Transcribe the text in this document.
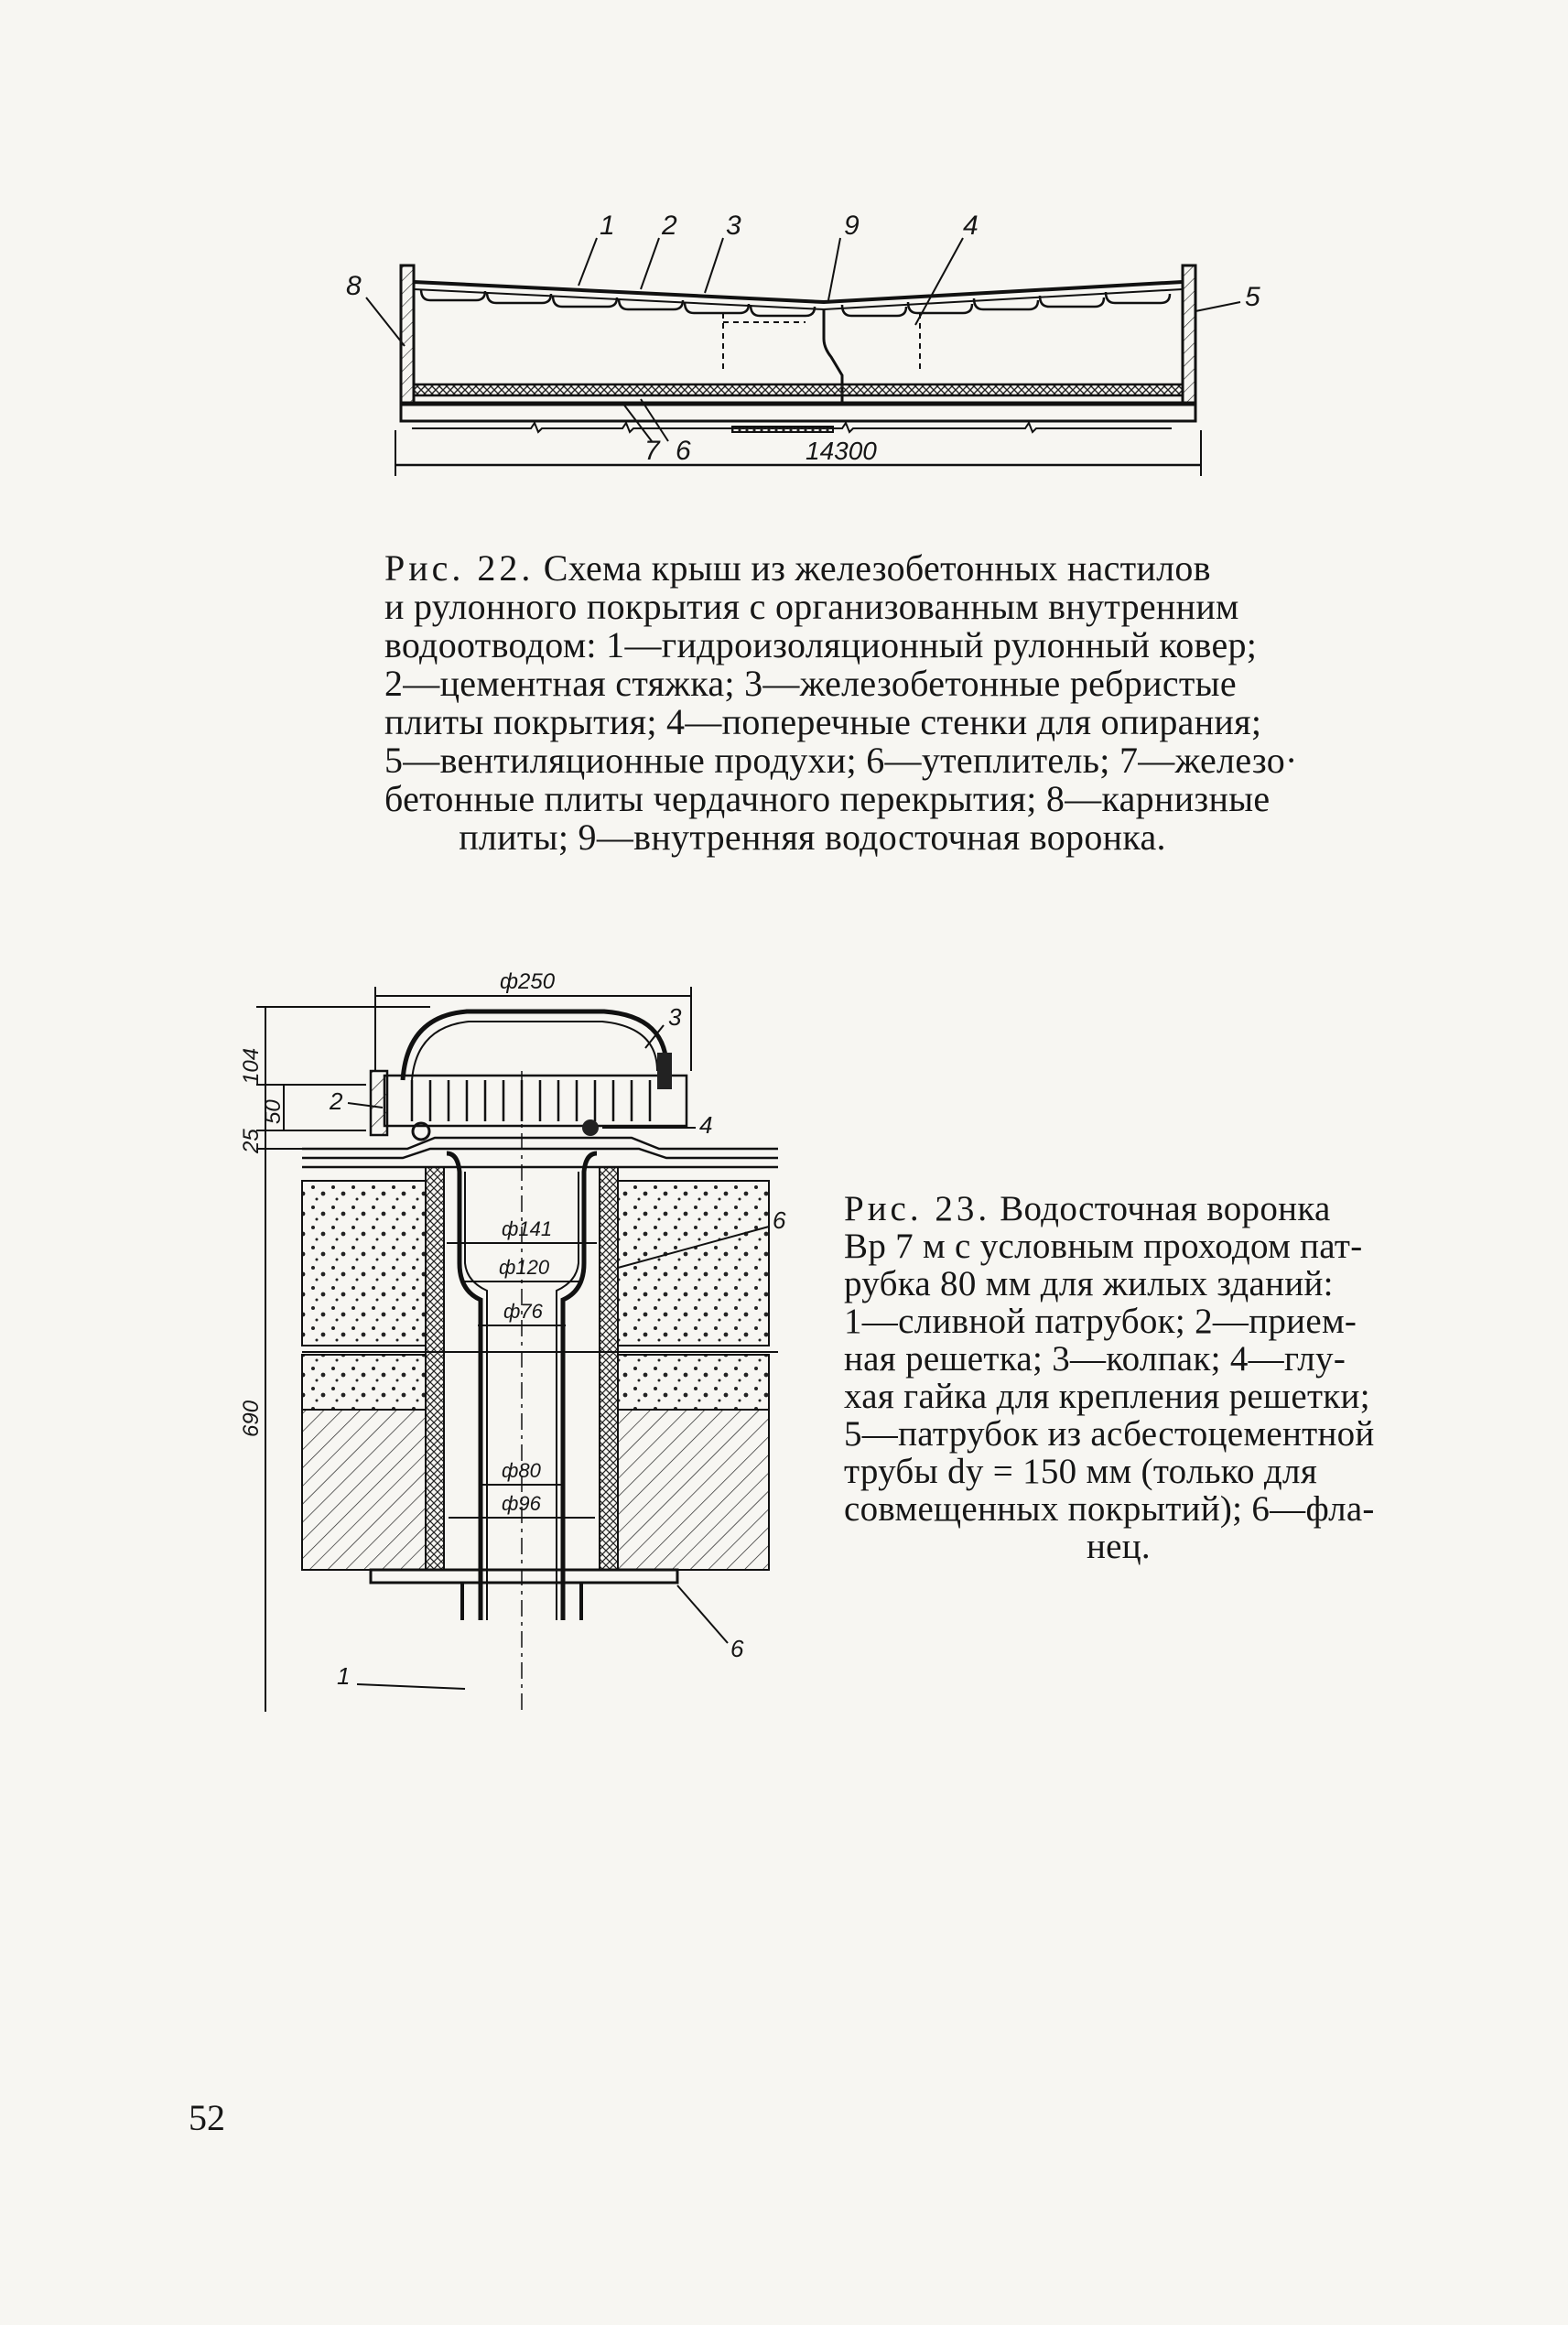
1 2 3	9	4
8	5
7 6	14300
Рис. 22. Схема крыш из железобетонных настилов
и рулонного покрытия с организованным внутренним
водоотводом: 1—гидроизоляционный рулонный ковер;
2—цементная стяжка; 3—железобетонные ребристые
плиты покрытия; 4—поперечные стенки для опирания;
5—вентиляционные продухи; 6—утеплитель; 7—железо·
бетонные плиты чердачного перекрытия; 8—карнизные
плиты; 9—внутренняя водосточная воронка.
104
50
25
690
ф250
ф141
ф120
ф76
ф80
ф96
2
3
4
6
6
1
Рис. 23. Водосточная воронка
Вр 7 м с условным проходом пат-
рубка 80 мм для жилых зданий:
1—сливной патрубок; 2—прием-
ная решетка; 3—колпак; 4—глу-
хая гайка для крепления решетки;
5—патрубок из асбестоцементной
трубы dу = 150 мм (только для
совмещенных покрытий); 6—фла-
нец.
52
